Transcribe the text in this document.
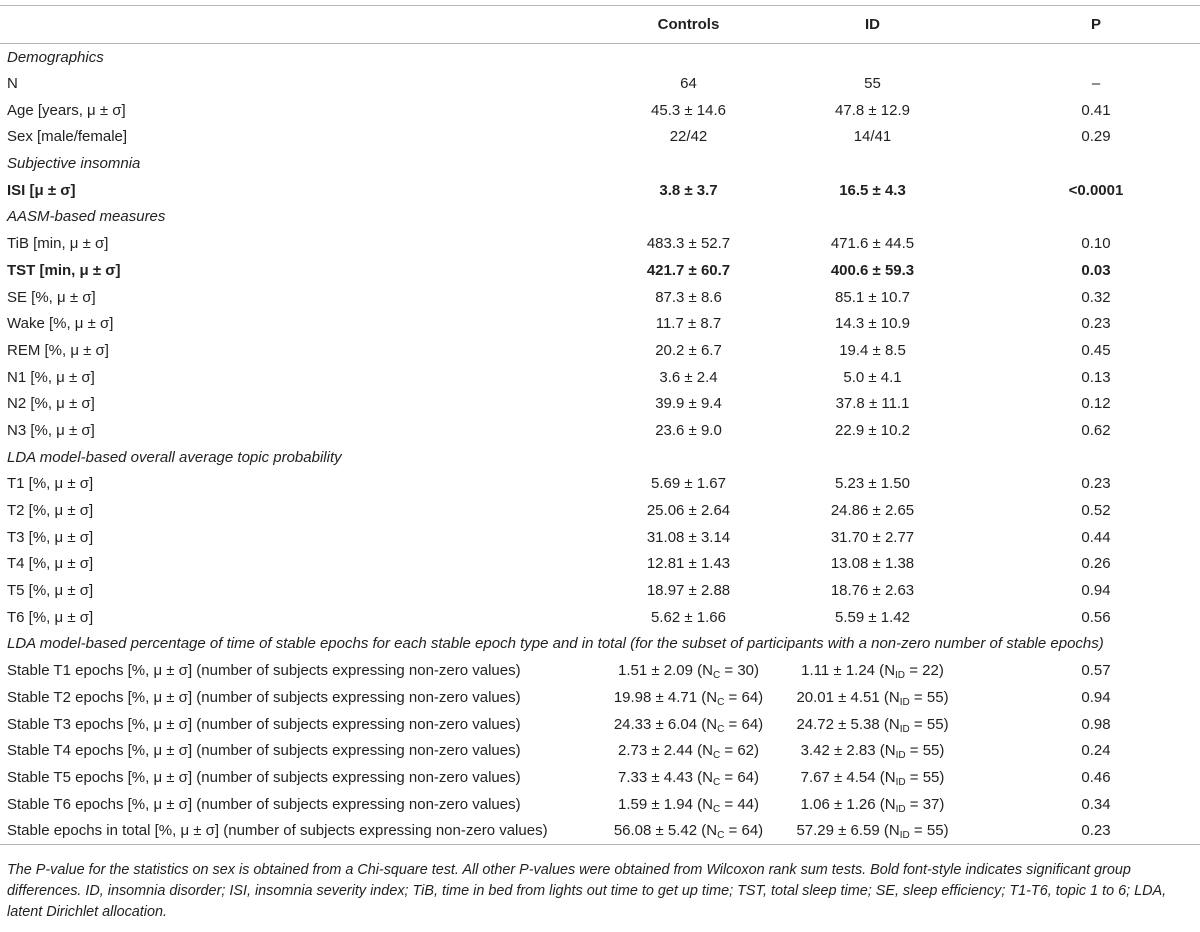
	Controls	ID	P
Demographics			
N	64	55	–
Age [years, μ ± σ]	45.3 ± 14.6	47.8 ± 12.9	0.41
Sex [male/female]	22/42	14/41	0.29
Subjective insomnia			
ISI [μ ± σ]	3.8 ± 3.7	16.5 ± 4.3	<0.0001
AASM-based measures			
TiB [min, μ ± σ]	483.3 ± 52.7	471.6 ± 44.5	0.10
TST [min, μ ± σ]	421.7 ± 60.7	400.6 ± 59.3	0.03
SE [%, μ ± σ]	87.3 ± 8.6	85.1 ± 10.7	0.32
Wake [%, μ ± σ]	11.7 ± 8.7	14.3 ± 10.9	0.23
REM [%, μ ± σ]	20.2 ± 6.7	19.4 ± 8.5	0.45
N1 [%, μ ± σ]	3.6 ± 2.4	5.0 ± 4.1	0.13
N2 [%, μ ± σ]	39.9 ± 9.4	37.8 ± 11.1	0.12
N3 [%, μ ± σ]	23.6 ± 9.0	22.9 ± 10.2	0.62
LDA model-based overall average topic probability			
T1 [%, μ ± σ]	5.69 ± 1.67	5.23 ± 1.50	0.23
T2 [%, μ ± σ]	25.06 ± 2.64	24.86 ± 2.65	0.52
T3 [%, μ ± σ]	31.08 ± 3.14	31.70 ± 2.77	0.44
T4 [%, μ ± σ]	12.81 ± 1.43	13.08 ± 1.38	0.26
T5 [%, μ ± σ]	18.97 ± 2.88	18.76 ± 2.63	0.94
T6 [%, μ ± σ]	5.62 ± 1.66	5.59 ± 1.42	0.56
LDA model-based percentage of time of stable epochs for each stable epoch type and in total (for the subset of participants with a non-zero number of stable epochs)			
Stable T1 epochs [%, μ ± σ] (number of subjects expressing non-zero values)	1.51 ± 2.09 $(N_C = 30)$	1.11 ± 1.24 $(N_{ID} = 22)$	0.57
Stable T2 epochs [%, μ ± σ] (number of subjects expressing non-zero values)	19.98 ± 4.71 $(N_C = 64)$	20.01 ± 4.51 $(N_{ID} = 55)$	0.94
Stable T3 epochs [%, μ ± σ] (number of subjects expressing non-zero values)	24.33 ± 6.04 $(N_C = 64)$	24.72 ± 5.38 $(N_{ID} = 55)$	0.98
Stable T4 epochs [%, μ ± σ] (number of subjects expressing non-zero values)	2.73 ± 2.44 $(N_C = 62)$	3.42 ± 2.83 $(N_{ID} = 55)$	0.24
Stable T5 epochs [%, μ ± σ] (number of subjects expressing non-zero values)	7.33 ± 4.43 $(N_C = 64)$	7.67 ± 4.54 $(N_{ID} = 55)$	0.46
Stable T6 epochs [%, μ ± σ] (number of subjects expressing non-zero values)	1.59 ± 1.94 $(N_C = 44)$	1.06 ± 1.26 $(N_{ID} = 37)$	0.34
Stable epochs in total [%, μ ± σ] (number of subjects expressing non-zero values)	56.08 ± 5.42 $(N_C = 64)$	57.29 ± 6.59 $(N_{ID} = 55)$	0.23
The P-value for the statistics on sex is obtained from a Chi-square test. All other P-values were obtained from Wilcoxon rank sum tests. Bold font-style indicates significant group differences. ID, insomnia disorder; ISI, insomnia severity index; TiB, time in bed from lights out time to get up time; TST, total sleep time; SE, sleep efficiency; T1-T6, topic 1 to 6; LDA, latent Dirichlet allocation.
